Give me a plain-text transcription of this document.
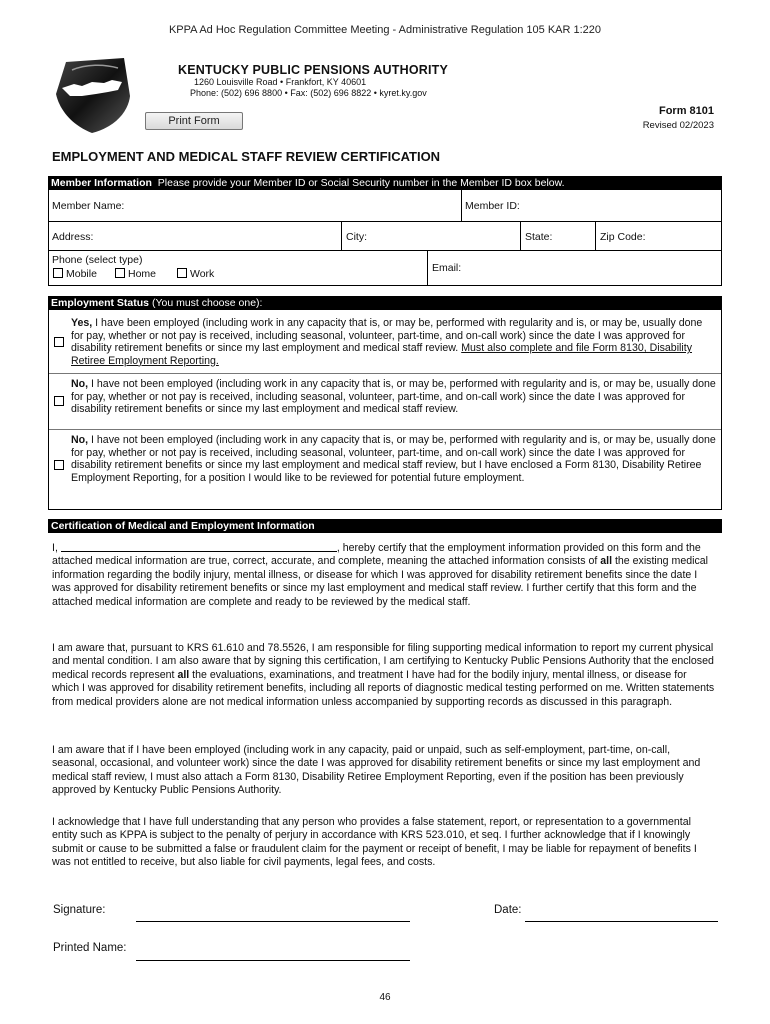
KPPA Ad Hoc Regulation Committee Meeting - Administrative Regulation 105 KAR 1:220
KENTUCKY PUBLIC PENSIONS AUTHORITY
1260 Louisville Road • Frankfort, KY 40601
Phone: (502) 696 8800 • Fax: (502) 696 8822 • kyret.ky.gov
Print Form
Form 8101
Revised 02/2023
EMPLOYMENT AND MEDICAL STAFF REVIEW CERTIFICATION
Member Information Please provide your Member ID or Social Security number in the Member ID box below.
Member Name:	Member ID:
Address:	City:	State:	Zip Code:
Phone (select type)
Mobile	Home	Work	Email:
Employment Status (You must choose one):
Yes, I have been employed (including work in any capacity that is, or may be, performed with regularity and is, or may be, usually done for pay, whether or not pay is received, including seasonal, volunteer, part-time, and on-call work) since the date I was approved for disability retirement benefits or since my last employment and medical staff review. Must also complete and file Form 8130, Disability Retiree Employment Reporting.
No, I have not been employed (including work in any capacity that is, or may be, performed with regularity and is, or may be, usually done for pay, whether or not pay is received, including seasonal, volunteer, part-time, and on-call work) since the date I was approved for disability retirement benefits or since my last employment and medical staff review.
No, I have not been employed (including work in any capacity that is, or may be, performed with regularity and is, or may be, usually done for pay, whether or not pay is received, including seasonal, volunteer, part-time, and on-call work) since the date I was approved for disability retirement benefits or since my last employment and medical staff review, but I have enclosed a Form 8130, Disability Retiree Employment Reporting, for a position I would like to be reviewed for potential future employment.
Certification of Medical and Employment Information

I,	, hereby certify that the employment information provided on this form and the attached medical information are true, correct, accurate, and complete, meaning the attached information consists of all the existing medical information regarding the bodily injury, mental illness, or disease for which I was approved for disability retirement benefits since the date I was approved for disability retirement benefits or since my last employment and medical staff review. I further certify that this form and the attached medical information are complete and ready to be reviewed by the medical staff.

I am aware that, pursuant to KRS 61.610 and 78.5526, I am responsible for filing supporting medical information to report my current physical and mental condition. I am also aware that by signing this certification, I am certifying to Kentucky Public Pensions Authority that the enclosed medical records represent all the evaluations, examinations, and treatment I have had for the bodily injury, mental illness, or disease for which I was approved for disability retirement benefits, including all reports of diagnostic medical testing performed on me. Written statements from medical providers alone are not medical information unless accompanied by supporting records as discussed in this paragraph.

I am aware that if I have been employed (including work in any capacity, paid or unpaid, such as self-employment, part-time, on-call, seasonal, occasional, and volunteer work) since the date I was approved for disability retirement benefits or since my last employment and medical staff review, I must also attach a Form 8130, Disability Retiree Employment Reporting, even if the position has been previously approved by Kentucky Public Pensions Authority.

I acknowledge that I have full understanding that any person who provides a false statement, report, or representation to a governmental entity such as KPPA is subject to the penalty of perjury in accordance with KRS 523.010, et seq. I further acknowledge that if I knowingly submit or cause to be submitted a false or fraudulent claim for the payment or receipt of benefit, I may be liable for repayment of benefits I was not entitled to receive, but also liable for civil payments, legal fees, and costs.

Signature:	Date:
Printed Name:
46
